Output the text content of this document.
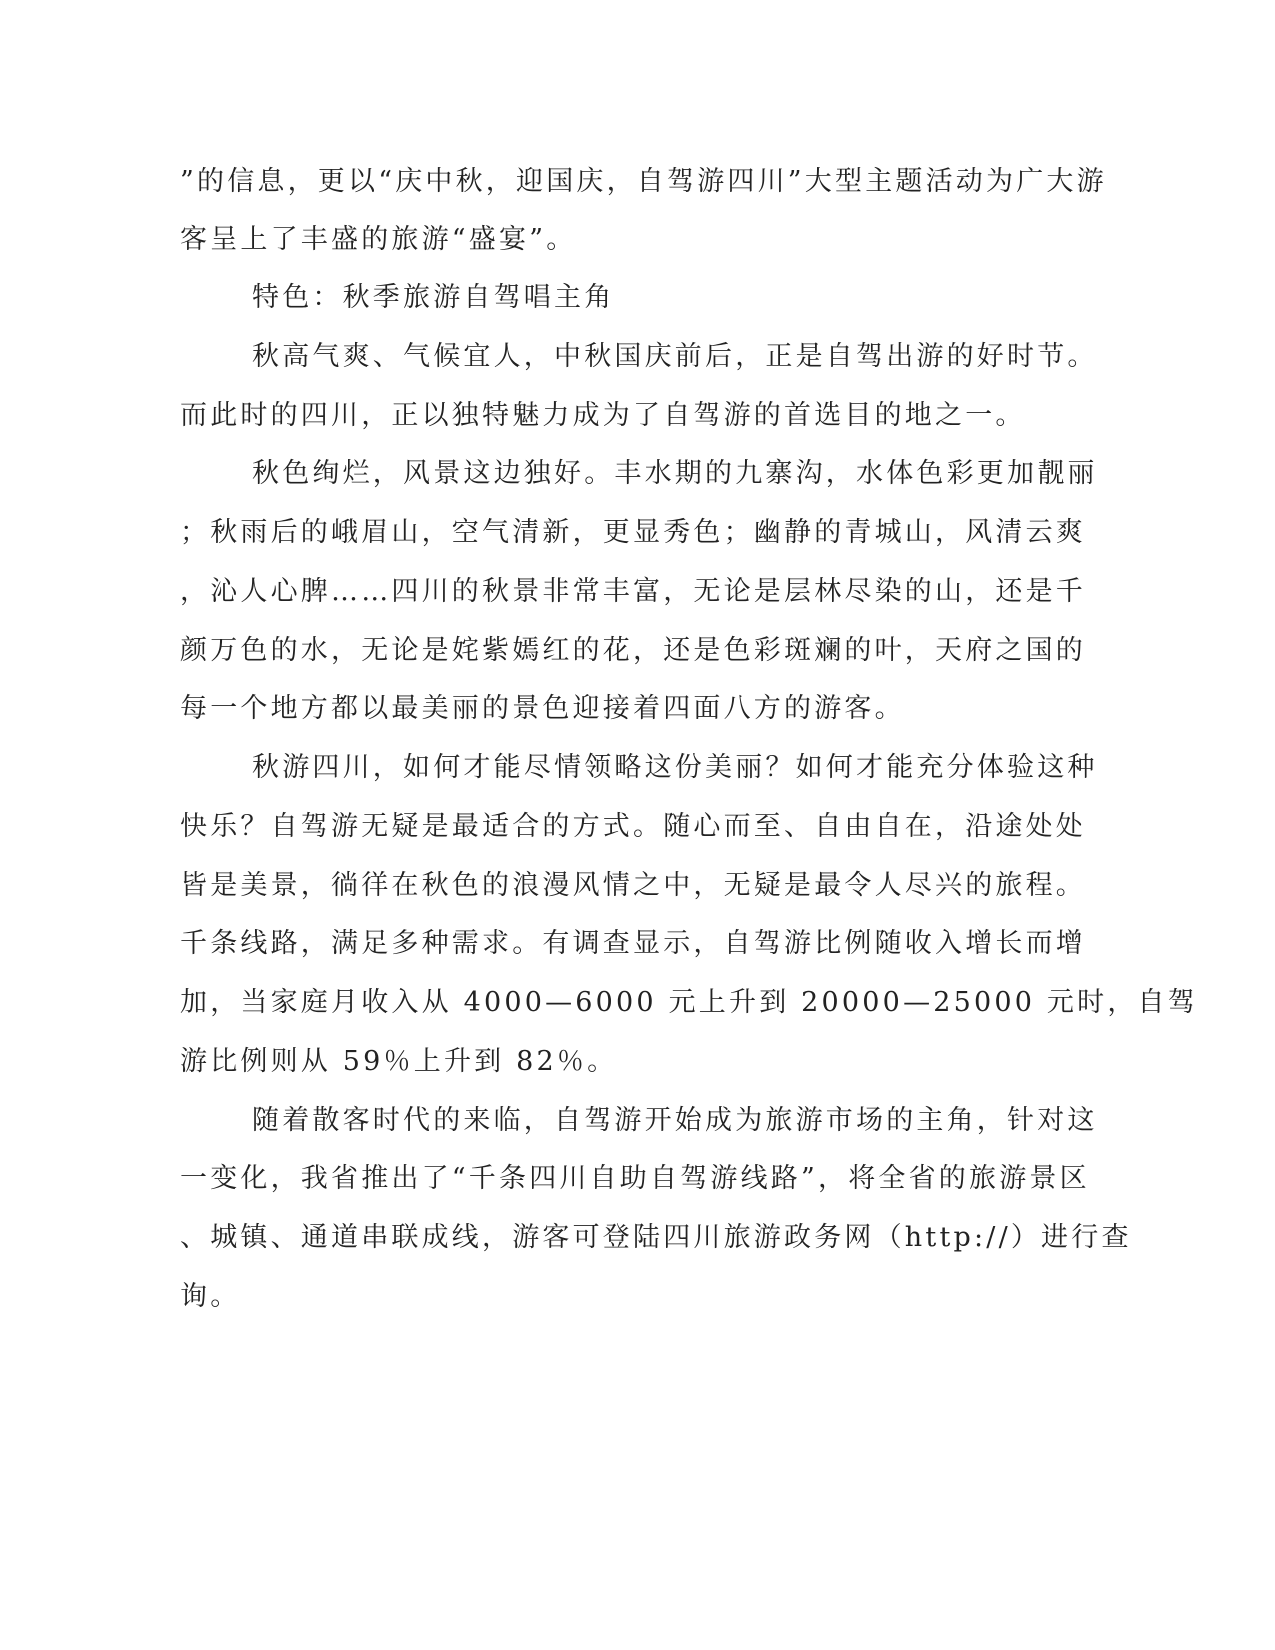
”的信息，更以“庆中秋，迎国庆，自驾游四川”大型主题活动为广大游

客呈上了丰盛的旅游“盛宴”。

特色：秋季旅游自驾唱主角

秋高气爽、气候宜人，中秋国庆前后，正是自驾出游的好时节。

而此时的四川，正以独特魅力成为了自驾游的首选目的地之一。

秋色绚烂，风景这边独好。丰水期的九寨沟，水体色彩更加靓丽

；秋雨后的峨眉山，空气清新，更显秀色；幽静的青城山，风清云爽

，沁人心脾……四川的秋景非常丰富，无论是层林尽染的山，还是千

颜万色的水，无论是姹紫嫣红的花，还是色彩斑斓的叶，天府之国的

每一个地方都以最美丽的景色迎接着四面八方的游客。

秋游四川，如何才能尽情领略这份美丽？如何才能充分体验这种

快乐？自驾游无疑是最适合的方式。随心而至、自由自在，沿途处处

皆是美景，徜徉在秋色的浪漫风情之中，无疑是最令人尽兴的旅程。

千条线路，满足多种需求。有调查显示，自驾游比例随收入增长而增

加，当家庭月收入从 4000—6000 元上升到 20000—25000 元时，自驾

游比例则从 59％上升到 82％。

随着散客时代的来临，自驾游开始成为旅游市场的主角，针对这

一变化，我省推出了“千条四川自助自驾游线路”，将全省的旅游景区

、城镇、通道串联成线，游客可登陆四川旅游政务网（http://）进行查

询。
